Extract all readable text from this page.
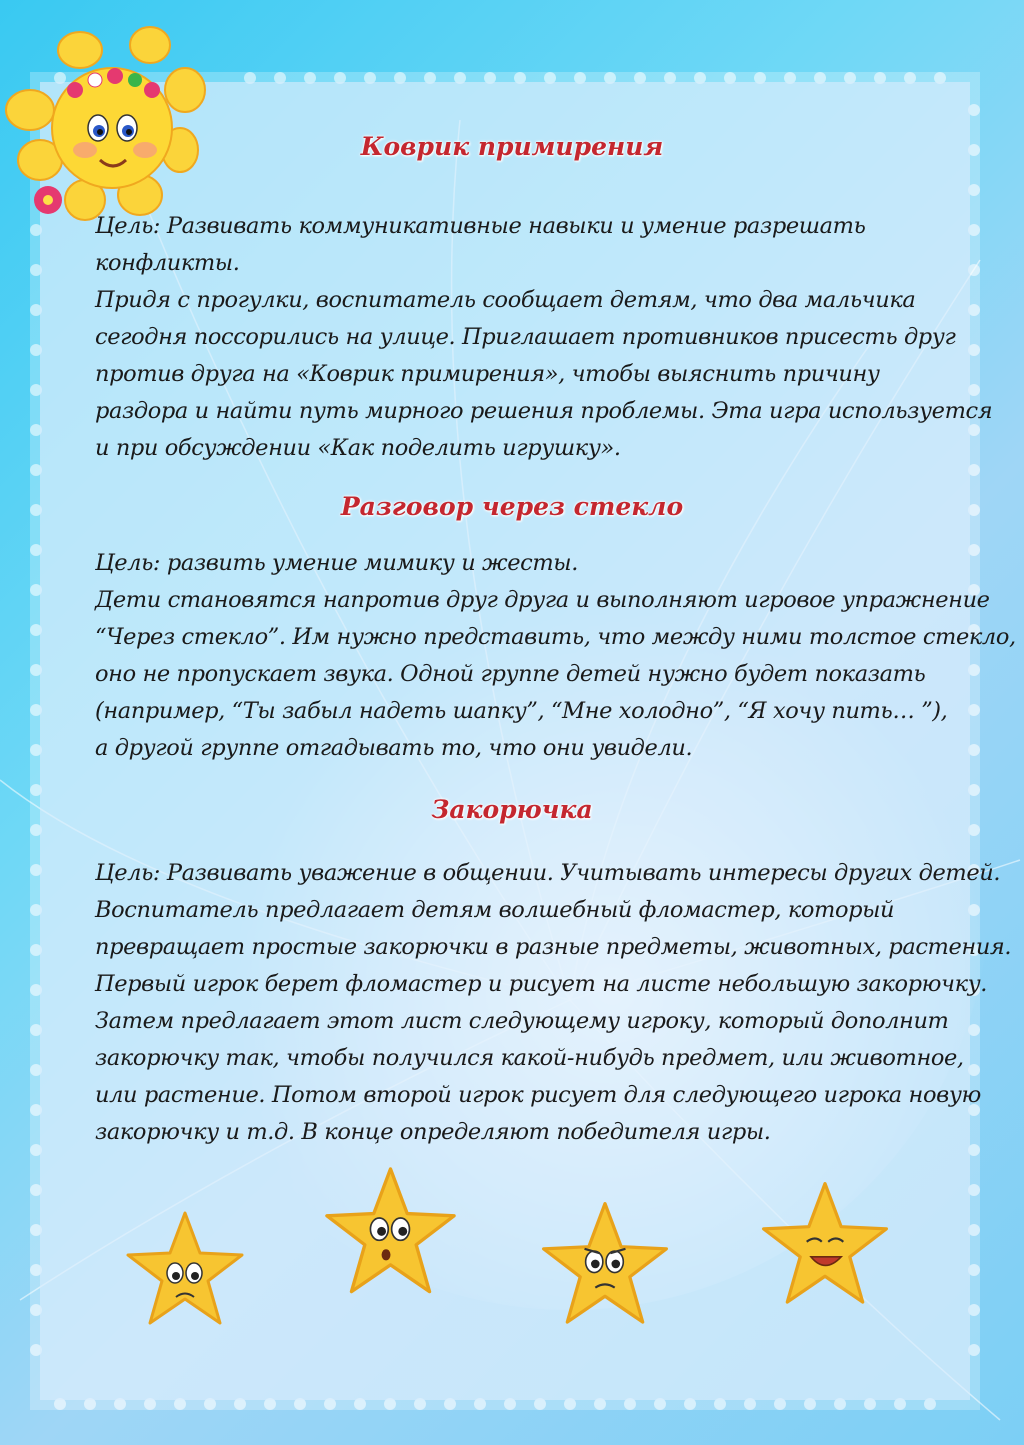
Коврик примирения

Цель: Развивать коммуникативные навыки и умение разрешать
конфликты.
Придя с прогулки, воспитатель сообщает детям, что два мальчика
сегодня поссорились на улице. Приглашает противников присесть друг
против друга на «Коврик примирения», чтобы выяснить причину
раздора и найти путь мирного решения проблемы. Эта игра используется
и при обсуждении «Как поделить игрушку».

Разговор через стекло

Цель: развить умение мимику и жесты.
Дети становятся напротив друг друга и выполняют игровое упражнение
“Через стекло”. Им нужно представить, что между ними толстое стекло,
оно не пропускает звука. Одной группе детей нужно будет показать
(например, “Ты забыл надеть шапку”, “Мне холодно”, “Я хочу пить… ”),
а другой группе отгадывать то, что они увидели.

Закорючка

Цель: Развивать уважение в общении. Учитывать интересы других детей.
Воспитатель предлагает детям волшебный фломастер, который
превращает простые закорючки в разные предметы, животных, растения.
Первый игрок берет фломастер и рисует на листе небольшую закорючку.
Затем предлагает этот лист следующему игроку, который дополнит
закорючку так, чтобы получился какой-нибудь предмет, или животное,
или растение. Потом второй игрок рисует для следующего игрока новую
закорючку и т.д. В конце определяют победителя игры.
